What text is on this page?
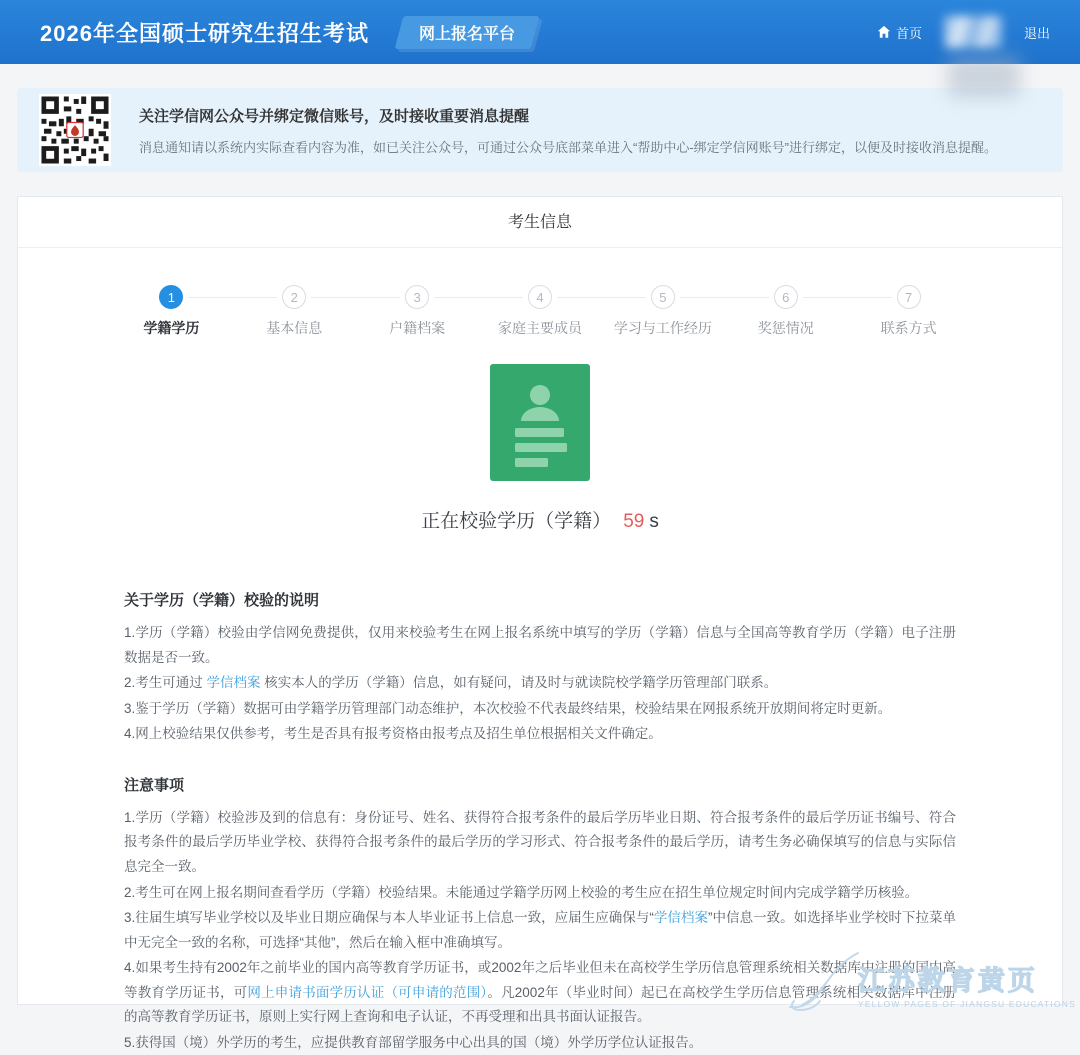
2026年全国硕士研究生招生考试	网上报名平台	首页	退出
关注学信网公众号并绑定微信账号，及时接收重要消息提醒
消息通知请以系统内实际查看内容为准，如已关注公众号，可通过公众号底部菜单进入“帮助中心-绑定学信网账号”进行绑定，以便及时接收消息提醒。
考生信息
1
学籍学历
2
基本信息
3
户籍档案
4
家庭主要成员
5
学习与工作经历
6
奖惩情况
7
联系方式
正在校验学历（学籍） 59 s
关于学历（学籍）校验的说明

1.学历（学籍）校验由学信网免费提供，仅用来校验考生在网上报名系统中填写的学历（学籍）信息与全国高等教育学历（学籍）电子注册数据是否一致。

2.考生可通过 学信档案 核实本人的学历（学籍）信息，如有疑问，请及时与就读院校学籍学历管理部门联系。

3.鉴于学历（学籍）数据可由学籍学历管理部门动态维护，本次校验不代表最终结果，校验结果在网报系统开放期间将定时更新。

4.网上校验结果仅供参考，考生是否具有报考资格由报考点及招生单位根据相关文件确定。

注意事项

1.学历（学籍）校验涉及到的信息有：身份证号、姓名、获得符合报考条件的最后学历毕业日期、符合报考条件的最后学历证书编号、符合报考条件的最后学历毕业学校、获得符合报考条件的最后学历的学习形式、符合报考条件的最后学历，请考生务必确保填写的信息与实际信息完全一致。

2.考生可在网上报名期间查看学历（学籍）校验结果。未能通过学籍学历网上校验的考生应在招生单位规定时间内完成学籍学历核验。

3.往届生填写毕业学校以及毕业日期应确保与本人毕业证书上信息一致，应届生应确保与“学信档案”中信息一致。如选择毕业学校时下拉菜单中无完全一致的名称，可选择“其他”，然后在输入框中准确填写。

4.如果考生持有2002年之前毕业的国内高等教育学历证书，或2002年之后毕业但未在高校学生学历信息管理系统相关数据库中注册的国内高等教育学历证书，可网上申请书面学历认证（可申请的范围）。凡2002年（毕业时间）起已在高校学生学历信息管理系统相关数据库中注册的高等教育学历证书，原则上实行网上查询和电子认证，不再受理和出具书面认证报告。

5.获得国（境）外学历的考生，应提供教育部留学服务中心出具的国（境）外学历学位认证报告。

江苏教育黄页
YELLOW PAGES OF JIANGSU EDUCATIONS
